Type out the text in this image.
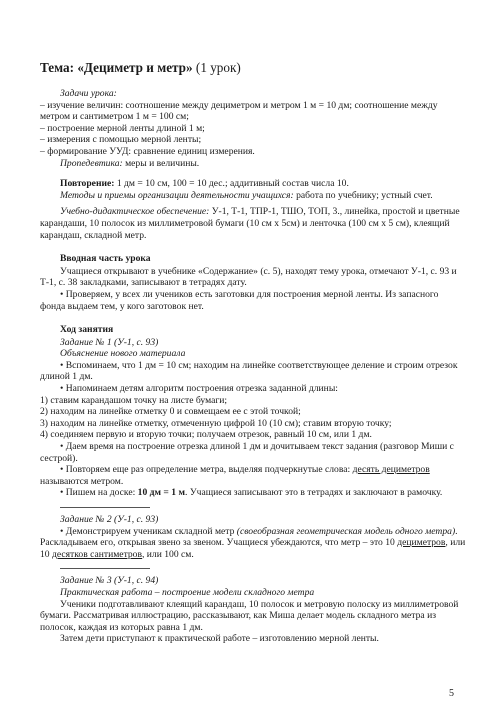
Тема: «Дециметр и метр» (1 урок)

Задачи урока:

– изучение величин: соотношение между дециметром и метром 1 м = 10 дм; соотношение между метром и сантиметром 1 м = 100 см;
– построение мерной ленты длиной 1 м;
– измерения с помощью мерной ленты;
– формирование УУД: сравнение единиц измерения.

Пропедевтика: меры и величины.

Повторение: 1 дм = 10 см, 100 = 10 дес.; аддитивный состав числа 10.

Методы и приемы организации деятельности учащихся: работа по учебнику; устный счет.

Учебно-дидактическое обеспечение: У-1, Т-1, ТПР-1, ТШО, ТОП, 3., линейка, простой и цветные карандаши, 10 полосок из миллиметровой бумаги (10 см х 5см) и ленточка (100 см х 5 см), клеящий карандаш, складной метр.

Вводная часть урока

Учащиеся открывают в учебнике «Содержание» (с. 5), находят тему урока, отмечают У-1, с. 93 и Т-1, с. 38 закладками, записывают в тетрадях дату.

• Проверяем, у всех ли учеников есть заготовки для построения мерной ленты. Из запасного фонда выдаем тем, у кого заготовок нет.

Ход занятия

Задание № 1 (У-1, с. 93)

Объяснение нового материала

• Вспоминаем, что 1 дм = 10 см; находим на линейке соответствующее деление и строим отрезок длиной 1 дм.

• Напоминаем детям алгоритм построения отрезка заданной длины:

1) ставим карандашом точку на листе бумаги;
2) находим на линейке отметку 0 и совмещаем ее с этой точкой;
3) находим на линейке отметку, отмеченную цифрой 10 (10 см); ставим вторую точку;
4) соединяем первую и вторую точки; получаем отрезок, равный 10 см, или 1 дм.

• Даем время на построение отрезка длиной 1 дм и дочитываем текст задания (разговор Миши с сестрой).

• Повторяем еще раз определение метра, выделяя подчеркнутые слова: десять дециметров называются метром.

• Пишем на доске: 10 дм = 1 м. Учащиеся записывают это в тетрадях и заключают в рамочку.

Задание № 2 (У-1, с. 93)

• Демонстрируем ученикам складной метр (своеобразная геометрическая модель одного метра). Раскладываем его, открывая звено за звеном. Учащиеся убеждаются, что метр – это 10 дециметров, или 10 десятков сантиметров, или 100 см.

Задание № 3 (У-1, с. 94)

Практическая работа – построение модели складного метра

Ученики подготавливают клеящий карандаш, 10 полосок и метровую полоску из миллиметровой бумаги. Рассматривая иллюстрацию, рассказывают, как Миша делает модель складного метра из полосок, каждая из которых равна 1 дм.

Затем дети приступают к практической работе – изготовлению мерной ленты.

5
